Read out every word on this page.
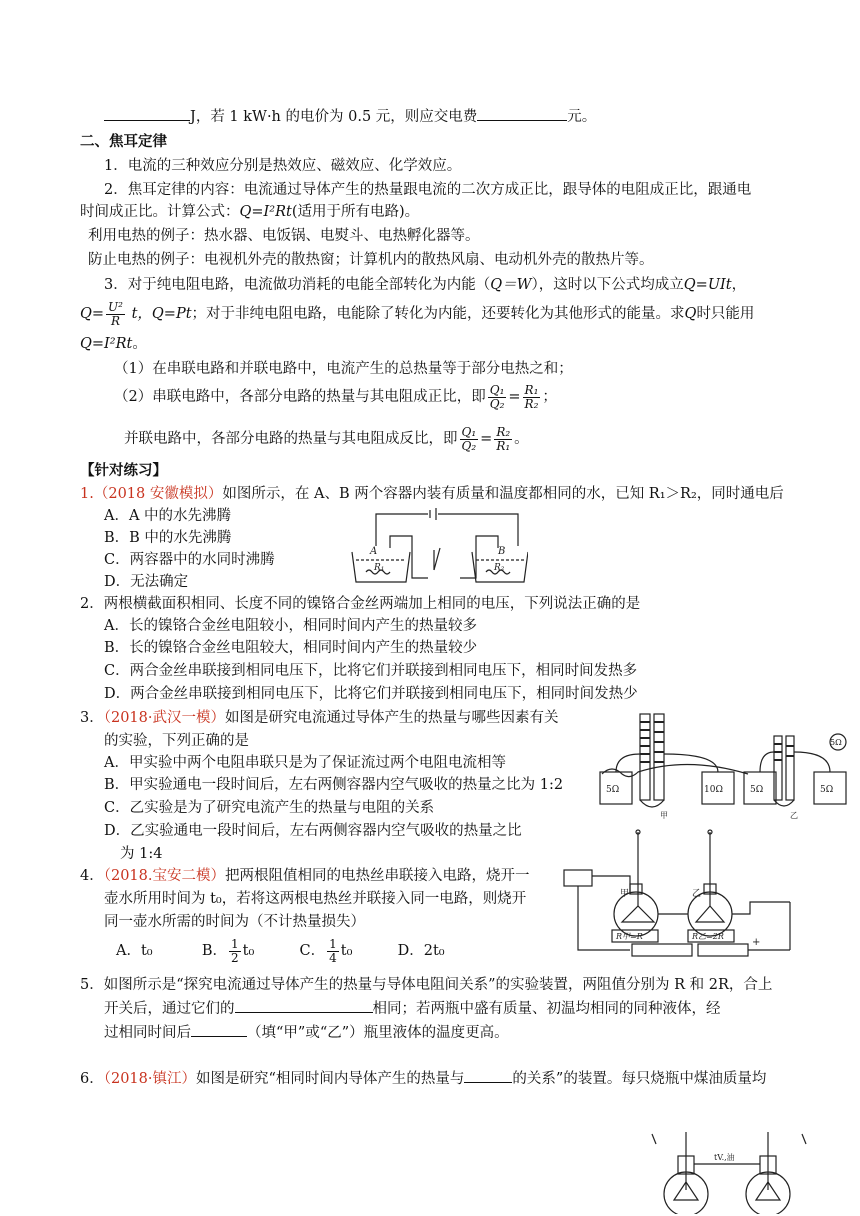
J，若 1 kW·h 的电价为 0.5 元，则应交电费	元。
二、焦耳定律
1．电流的三种效应分别是热效应、磁效应、化学效应。
2．焦耳定律的内容：电流通过导体产生的热量跟电流的二次方成正比，跟导体的电阻成正比，跟通电
时间成正比。计算公式：Q=I²Rt(适用于所有电路)。
利用电热的例子：热水器、电饭锅、电熨斗、电热孵化器等。
防止电热的例子：电视机外壳的散热窗；计算机内的散热风扇、电动机外壳的散热片等。
3．对于纯电阻电路，电流做功消耗的电能全部转化为内能（Q＝W），这时以下公式均成立Q=UIt，
$Q= \frac{\text{U²}}{R}$ t，Q=Pt；对于非纯电阻电路，电能除了转化为内能，还要转化为其他形式的能量。求Q时只能用
Q=I²Rt。
（1）在串联电路和并联电路中，电流产生的总热量等于部分电热之和；
（2）串联电路中，各部分电路的热量与其电阻成正比，即 $\frac{\text{Q₁}}{\text{Q₂}} = \frac{\text{R₁}}{\text{R₂}}$ ；
并联电路中，各部分电路的热量与其电阻成反比，即 $\frac{\text{Q₁}}{\text{Q₂}} = \frac{\text{R₂}}{\text{R₁}}$ 。
【针对练习】
1.（2018 安徽模拟）如图所示，在 A、B 两个容器内装有质量和温度都相同的水，已知 R₁＞R₂，同时通电后
A．A 中的水先沸腾
B．B 中的水先沸腾
C．两容器中的水同时沸腾
D．无法确定
A	B
R₁	R₂
2．两根横截面积相同、长度不同的镍铬合金丝两端加上相同的电压，下列说法正确的是
A．长的镍铬合金丝电阻较小，相同时间内产生的热量较多
B．长的镍铬合金丝电阻较大，相同时间内产生的热量较少
C．两合金丝串联接到相同电压下，比将它们并联接到相同电压下，相同时间发热多
D．两合金丝串联接到相同电压下，比将它们并联接到相同电压下，相同时间发热少
3．（2018·武汉一模）如图是研究电流通过导体产生的热量与哪些因素有关
的实验，下列正确的是
A．甲实验中两个电阻串联只是为了保证流过两个电阻电流相等
B．甲实验通电一段时间后，左右两侧容器内空气吸收的热量之比为 1:2
C．乙实验是为了研究电流产生的热量与电阻的关系
D．乙实验通电一段时间后，左右两侧容器内空气吸收的热量之比
为 1:4
5Ω	10Ω
甲
5Ω	5Ω
5Ω
乙
4．（2018.宝安二模）把两根阻值相同的电热丝串联接入电路，烧开一
壶水所用时间为 t₀，若将这两根电热丝并联接入同一电路，则烧开
同一壶水所需的时间为（不计热量损失）
A．t₀	B． $\frac{1}{2} t_0$	C． $\frac{1}{4} t_0$	D．2t₀
甲	乙
R甲=R	R乙=2R
+
5．如图所示是“探究电流通过导体产生的热量与导体电阻间关系”的实验装置，两阻值分别为 R 和 2R，合上
开关后，通过它们的	相同；若两瓶中盛有质量、初温均相同的同种液体，经
过相同时间后	（填“甲”或“乙”）瓶里液体的温度更高。
6．（2018·镇江）如图是研究“相同时间内导体产生的热量与	的关系”的装置。每只烧瓶中煤油质量均
tV.,油
